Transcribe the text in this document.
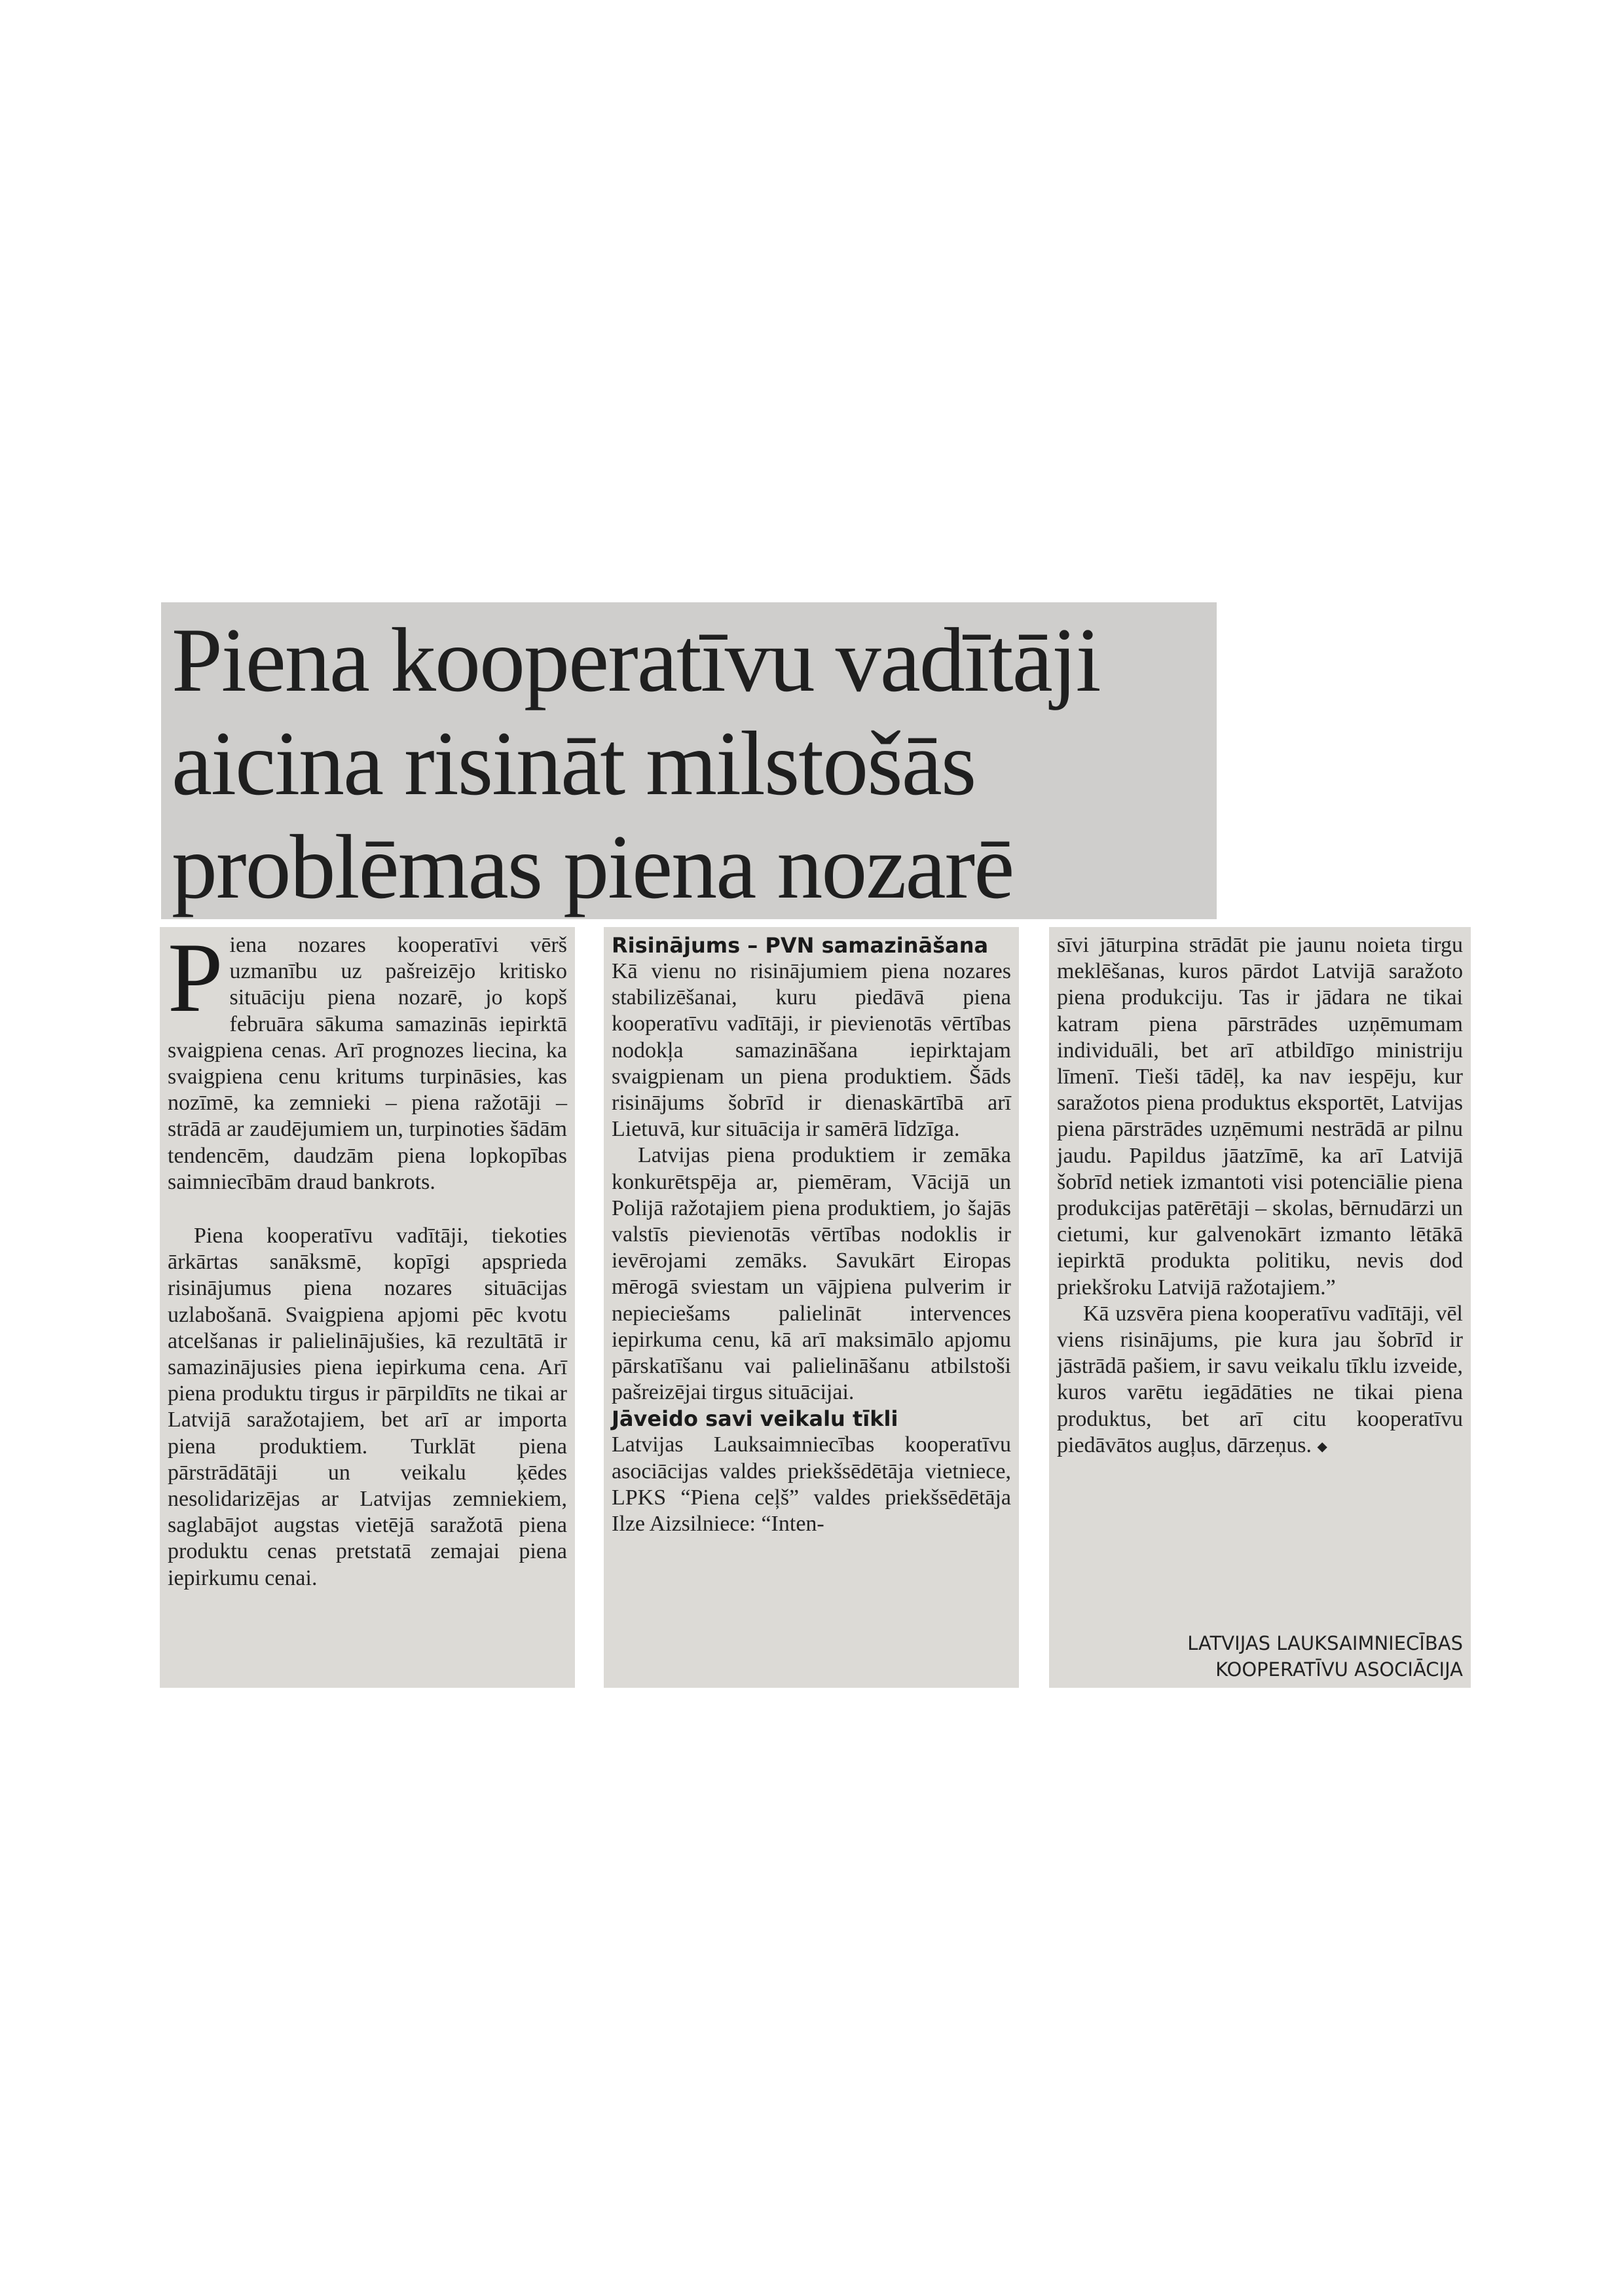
Piena kooperatīvu vadītāji
aicina risināt milstošās
problēmas piena nozarē
P iena nozares kooperatīvi vērš uzmanību uz pašreizējo kritisko situāciju piena nozarē, jo kopš februāra sākuma samazinās iepirktā svaigpiena cenas. Arī prognozes liecina, ka svaigpiena cenu kritums turpināsies, kas nozīmē, ka zemnieki – piena ražotāji – strādā ar zaudējumiem un, turpinoties šādām tendencēm, daudzām piena lopkopības saimniecībām draud bankrots.

Piena kooperatīvu vadītāji, tiekoties ārkārtas sanāksmē, kopīgi apsprieda risinājumus piena nozares situācijas uzlabošanā. Svaigpiena apjomi pēc kvotu atcelšanas ir palielinājušies, kā rezultātā ir samazinājusies piena iepirkuma cena. Arī piena produktu tirgus ir pārpildīts ne tikai ar Latvijā saražotajiem, bet arī ar importa piena produktiem. Turklāt piena pārstrādātāji un veikalu ķēdes nesolidarizējas ar Latvijas zemniekiem, saglabājot augstas vietējā saražotā piena produktu cenas pretstatā zemajai piena iepirkumu cenai.

Risinājums – PVN samazināšana

Kā vienu no risinājumiem piena nozares stabilizēšanai, kuru piedāvā piena kooperatīvu vadītāji, ir pievienotās vērtības nodokļa samazināšana iepirktajam svaigpienam un piena produktiem. Šāds risinājums šobrīd ir dienaskārtībā arī Lietuvā, kur situācija ir samērā līdzīga.

Latvijas piena produktiem ir zemāka konkurētspēja ar, piemēram, Vācijā un Polijā ražotajiem piena produktiem, jo šajās valstīs pievienotās vērtības nodoklis ir ievērojami zemāks. Savukārt Eiropas mērogā sviestam un vājpiena pulverim ir nepieciešams palielināt intervences iepirkuma cenu, kā arī maksimālo apjomu pārskatīšanu vai palielināšanu atbilstoši pašreizējai tirgus situācijai.

Jāveido savi veikalu tīkli

Latvijas Lauksaimniecības kooperatīvu asociācijas valdes priekšsēdētāja vietniece, LPKS “Piena ceļš” valdes priekšsēdētāja Ilze Aizsilniece: “Inten-

sīvi jāturpina strādāt pie jaunu noieta tirgu meklēšanas, kuros pārdot Latvijā saražoto piena produkciju. Tas ir jādara ne tikai katram piena pārstrādes uzņēmumam individuāli, bet arī atbildīgo ministriju līmenī. Tieši tādēļ, ka nav iespēju, kur saražotos piena produktus eksportēt, Latvijas piena pārstrādes uzņēmumi nestrādā ar pilnu jaudu. Papildus jāatzīmē, ka arī Latvijā šobrīd netiek izmantoti visi potenciālie piena produkcijas patērētāji – skolas, bērnudārzi un cietumi, kur galvenokārt izmanto lētākā iepirktā produkta politiku, nevis dod priekšroku Latvijā ražotajiem.”

Kā uzsvēra piena kooperatīvu vadītāji, vēl viens risinājums, pie kura jau šobrīd ir jāstrādā pašiem, ir savu veikalu tīklu izveide, kuros varētu iegādāties ne tikai piena produktus, bet arī citu kooperatīvu piedāvātos augļus, dārzeņus. ◆

LATVIJAS LAUKSAIMNIECĪBAS
KOOPERATĪVU ASOCIĀCIJA
